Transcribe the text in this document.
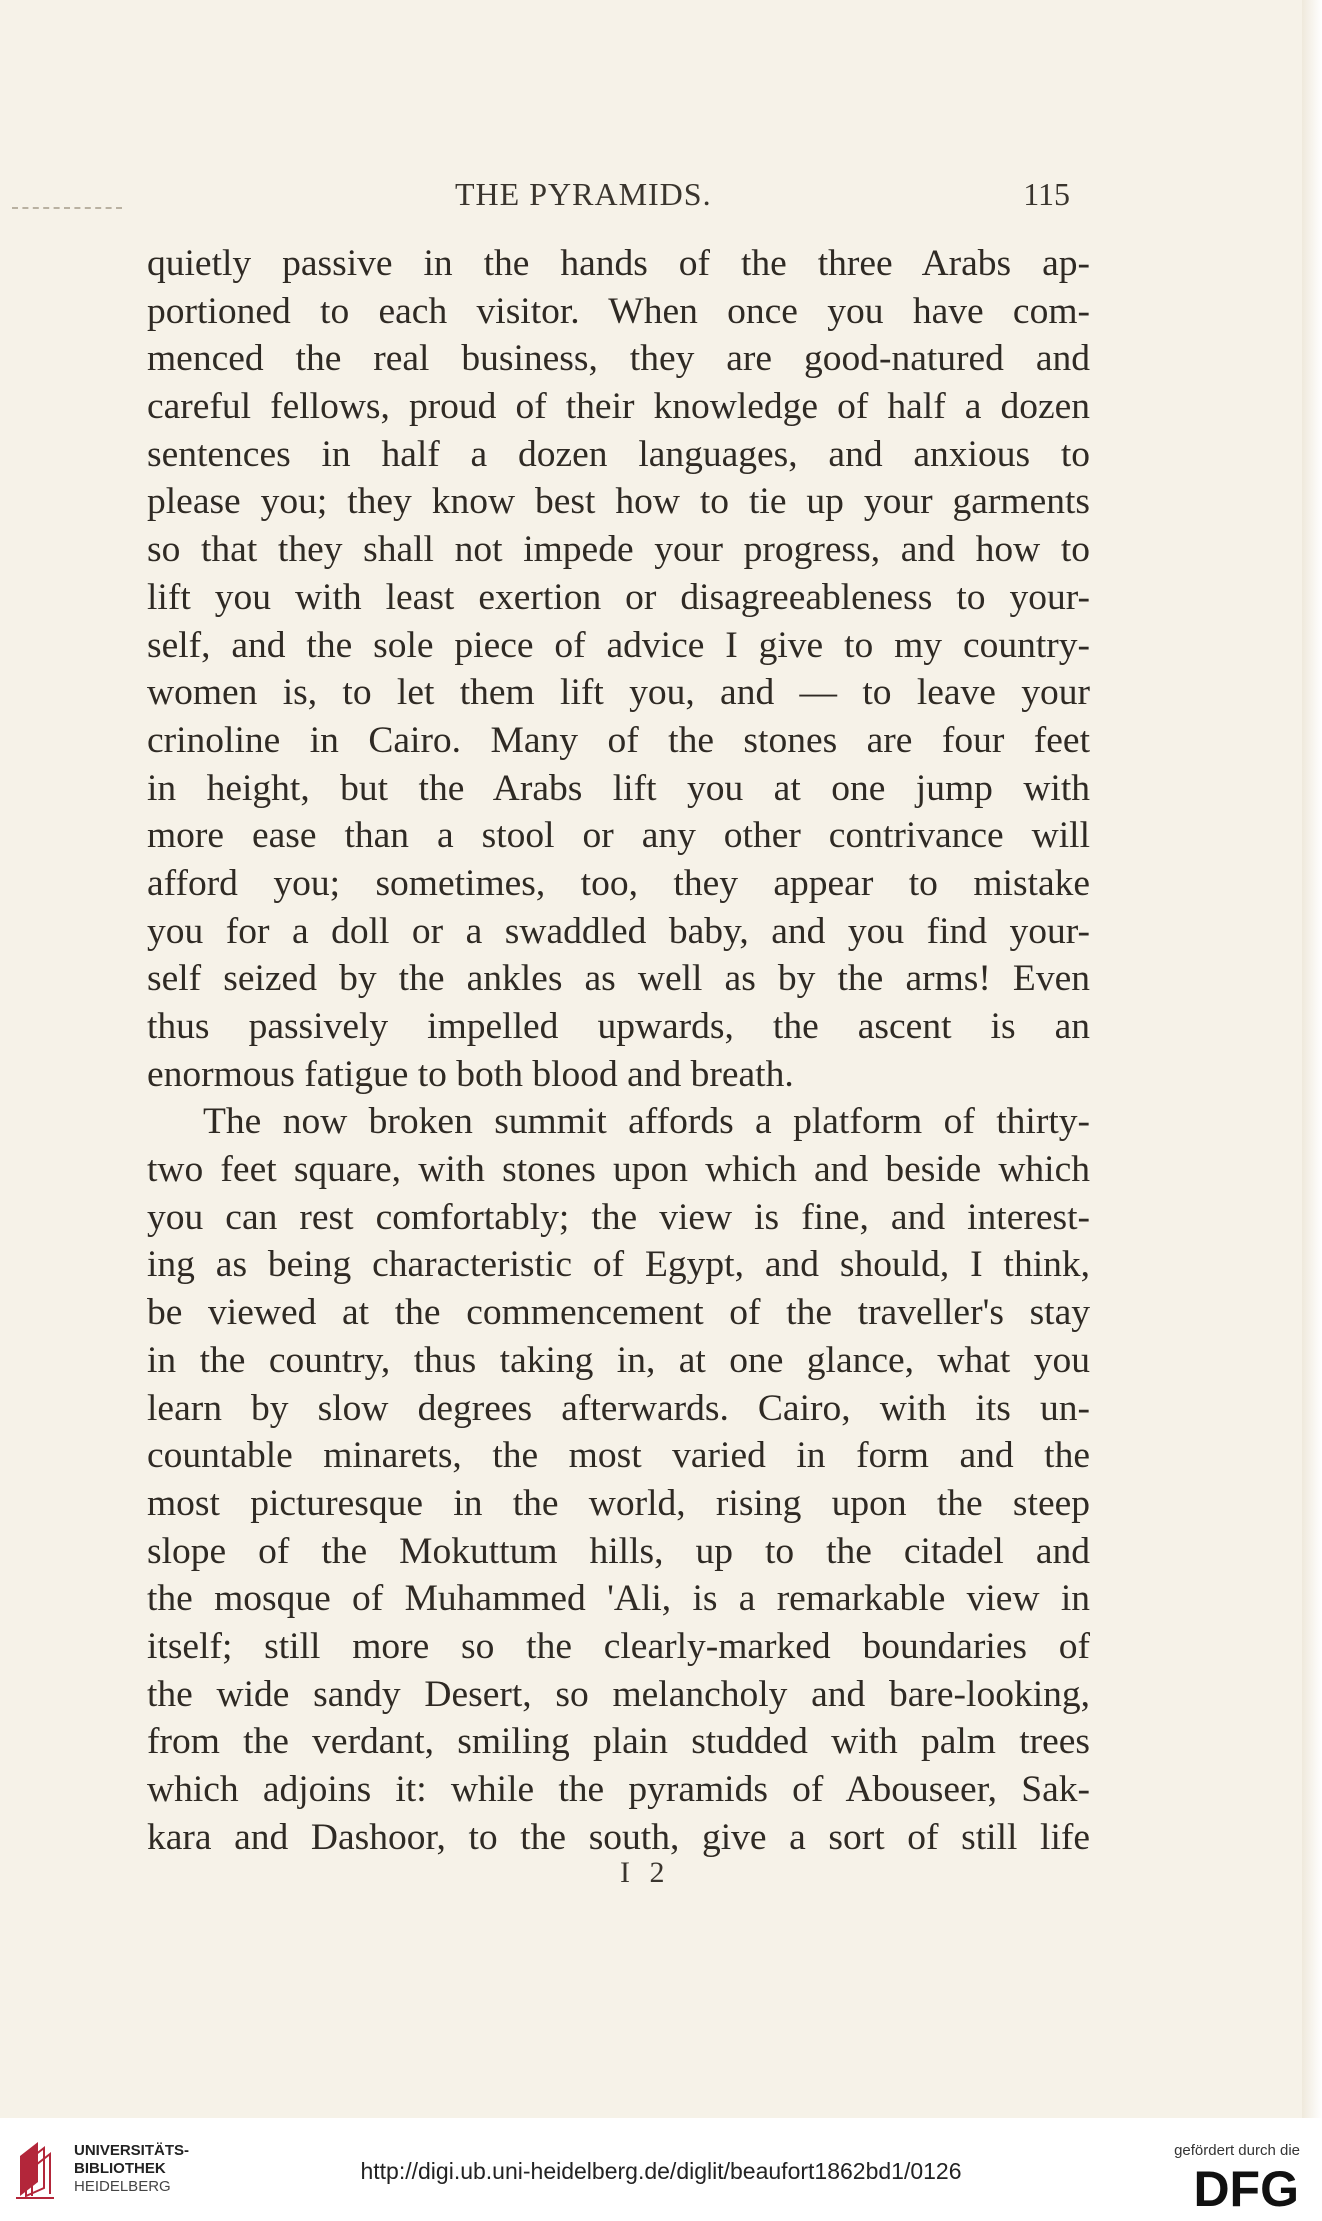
THE PYRAMIDS.	115
quietly passive in the hands of the three Arabs ap-
portioned to each visitor. When once you have com-
menced the real business, they are good-natured and
careful fellows, proud of their knowledge of half a dozen
sentences in half a dozen languages, and anxious to
please you; they know best how to tie up your garments
so that they shall not impede your progress, and how to
lift you with least exertion or disagreeableness to your-
self, and the sole piece of advice I give to my country-
women is, to let them lift you, and — to leave your
crinoline in Cairo. Many of the stones are four feet
in height, but the Arabs lift you at one jump with
more ease than a stool or any other contrivance will
afford you; sometimes, too, they appear to mistake
you for a doll or a swaddled baby, and you find your-
self seized by the ankles as well as by the arms! Even
thus passively impelled upwards, the ascent is an
enormous fatigue to both blood and breath.
The now broken summit affords a platform of thirty-
two feet square, with stones upon which and beside which
you can rest comfortably; the view is fine, and interest-
ing as being characteristic of Egypt, and should, I think,
be viewed at the commencement of the traveller's stay
in the country, thus taking in, at one glance, what you
learn by slow degrees afterwards. Cairo, with its un-
countable minarets, the most varied in form and the
most picturesque in the world, rising upon the steep
slope of the Mokuttum hills, up to the citadel and
the mosque of Muhammed 'Ali, is a remarkable view in
itself; still more so the clearly-marked boundaries of
the wide sandy Desert, so melancholy and bare-looking,
from the verdant, smiling plain studded with palm trees
which adjoins it: while the pyramids of Abouseer, Sak-
kara and Dashoor, to the south, give a sort of still life
I 2
UNIVERSITÄTS-
BIBLIOTHEK
HEIDELBERG
http://digi.ub.uni-heidelberg.de/diglit/beaufort1862bd1/0126
gefördert durch die
DFG
